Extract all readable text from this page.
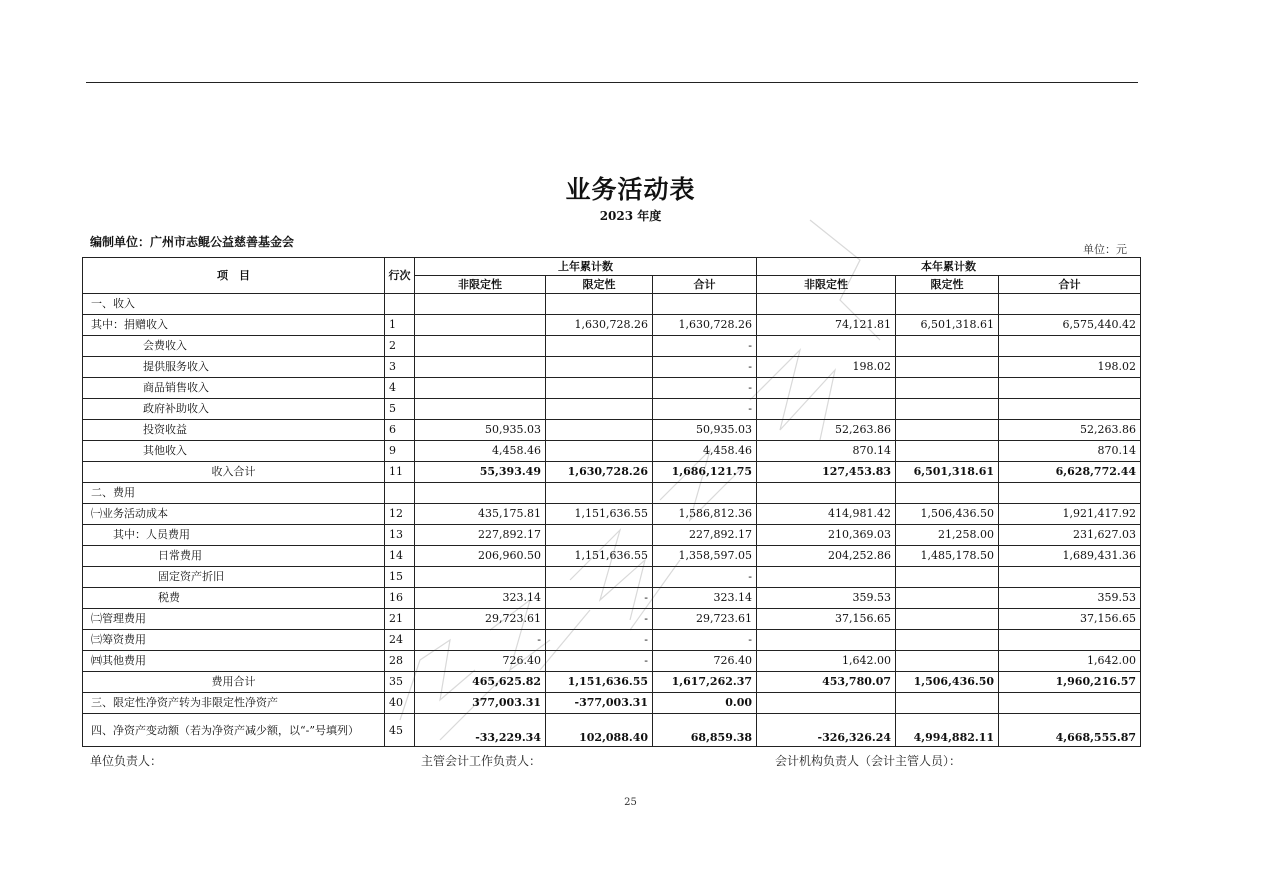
业务活动表
2023 年度
编制单位：广州市志鲲公益慈善基金会
单位：元
项　目	行次	上年累计数			本年累计数		
		非限定性	限定性	合计	非限定性	限定性	合计
一、收入							
其中：捐赠收入	1		1,630,728.26	1,630,728.26	74,121.81	6,501,318.61	6,575,440.42
会费收入	2			-			
提供服务收入	3			-	198.02		198.02
商品销售收入	4			-			
政府补助收入	5			-			
投资收益	6	50,935.03		50,935.03	52,263.86		52,263.86
其他收入	9	4,458.46		4,458.46	870.14		870.14
收入合计	11	55,393.49	1,630,728.26	1,686,121.75	127,453.83	6,501,318.61	6,628,772.44
二、费用							
㈠业务活动成本	12	435,175.81	1,151,636.55	1,586,812.36	414,981.42	1,506,436.50	1,921,417.92
其中：人员费用	13	227,892.17		227,892.17	210,369.03	21,258.00	231,627.03
日常费用	14	206,960.50	1,151,636.55	1,358,597.05	204,252.86	1,485,178.50	1,689,431.36
固定资产折旧	15			-			
税费	16	323.14	-	323.14	359.53		359.53
㈡管理费用	21	29,723.61	-	29,723.61	37,156.65		37,156.65
㈢筹资费用	24	-	-	-			
㈣其他费用	28	726.40	-	726.40	1,642.00		1,642.00
费用合计	35	465,625.82	1,151,636.55	1,617,262.37	453,780.07	1,506,436.50	1,960,216.57
三、限定性净资产转为非限定性净资产	40	377,003.31	-377,003.31	0.00			
四、净资产变动额（若为净资产减少额，以“-”号填列）	45	-33,229.34	102,088.40	68,859.38	-326,326.24	4,994,882.11	4,668,555.87
单位负责人：	主管会计工作负责人：	会计机构负责人（会计主管人员）：
25
